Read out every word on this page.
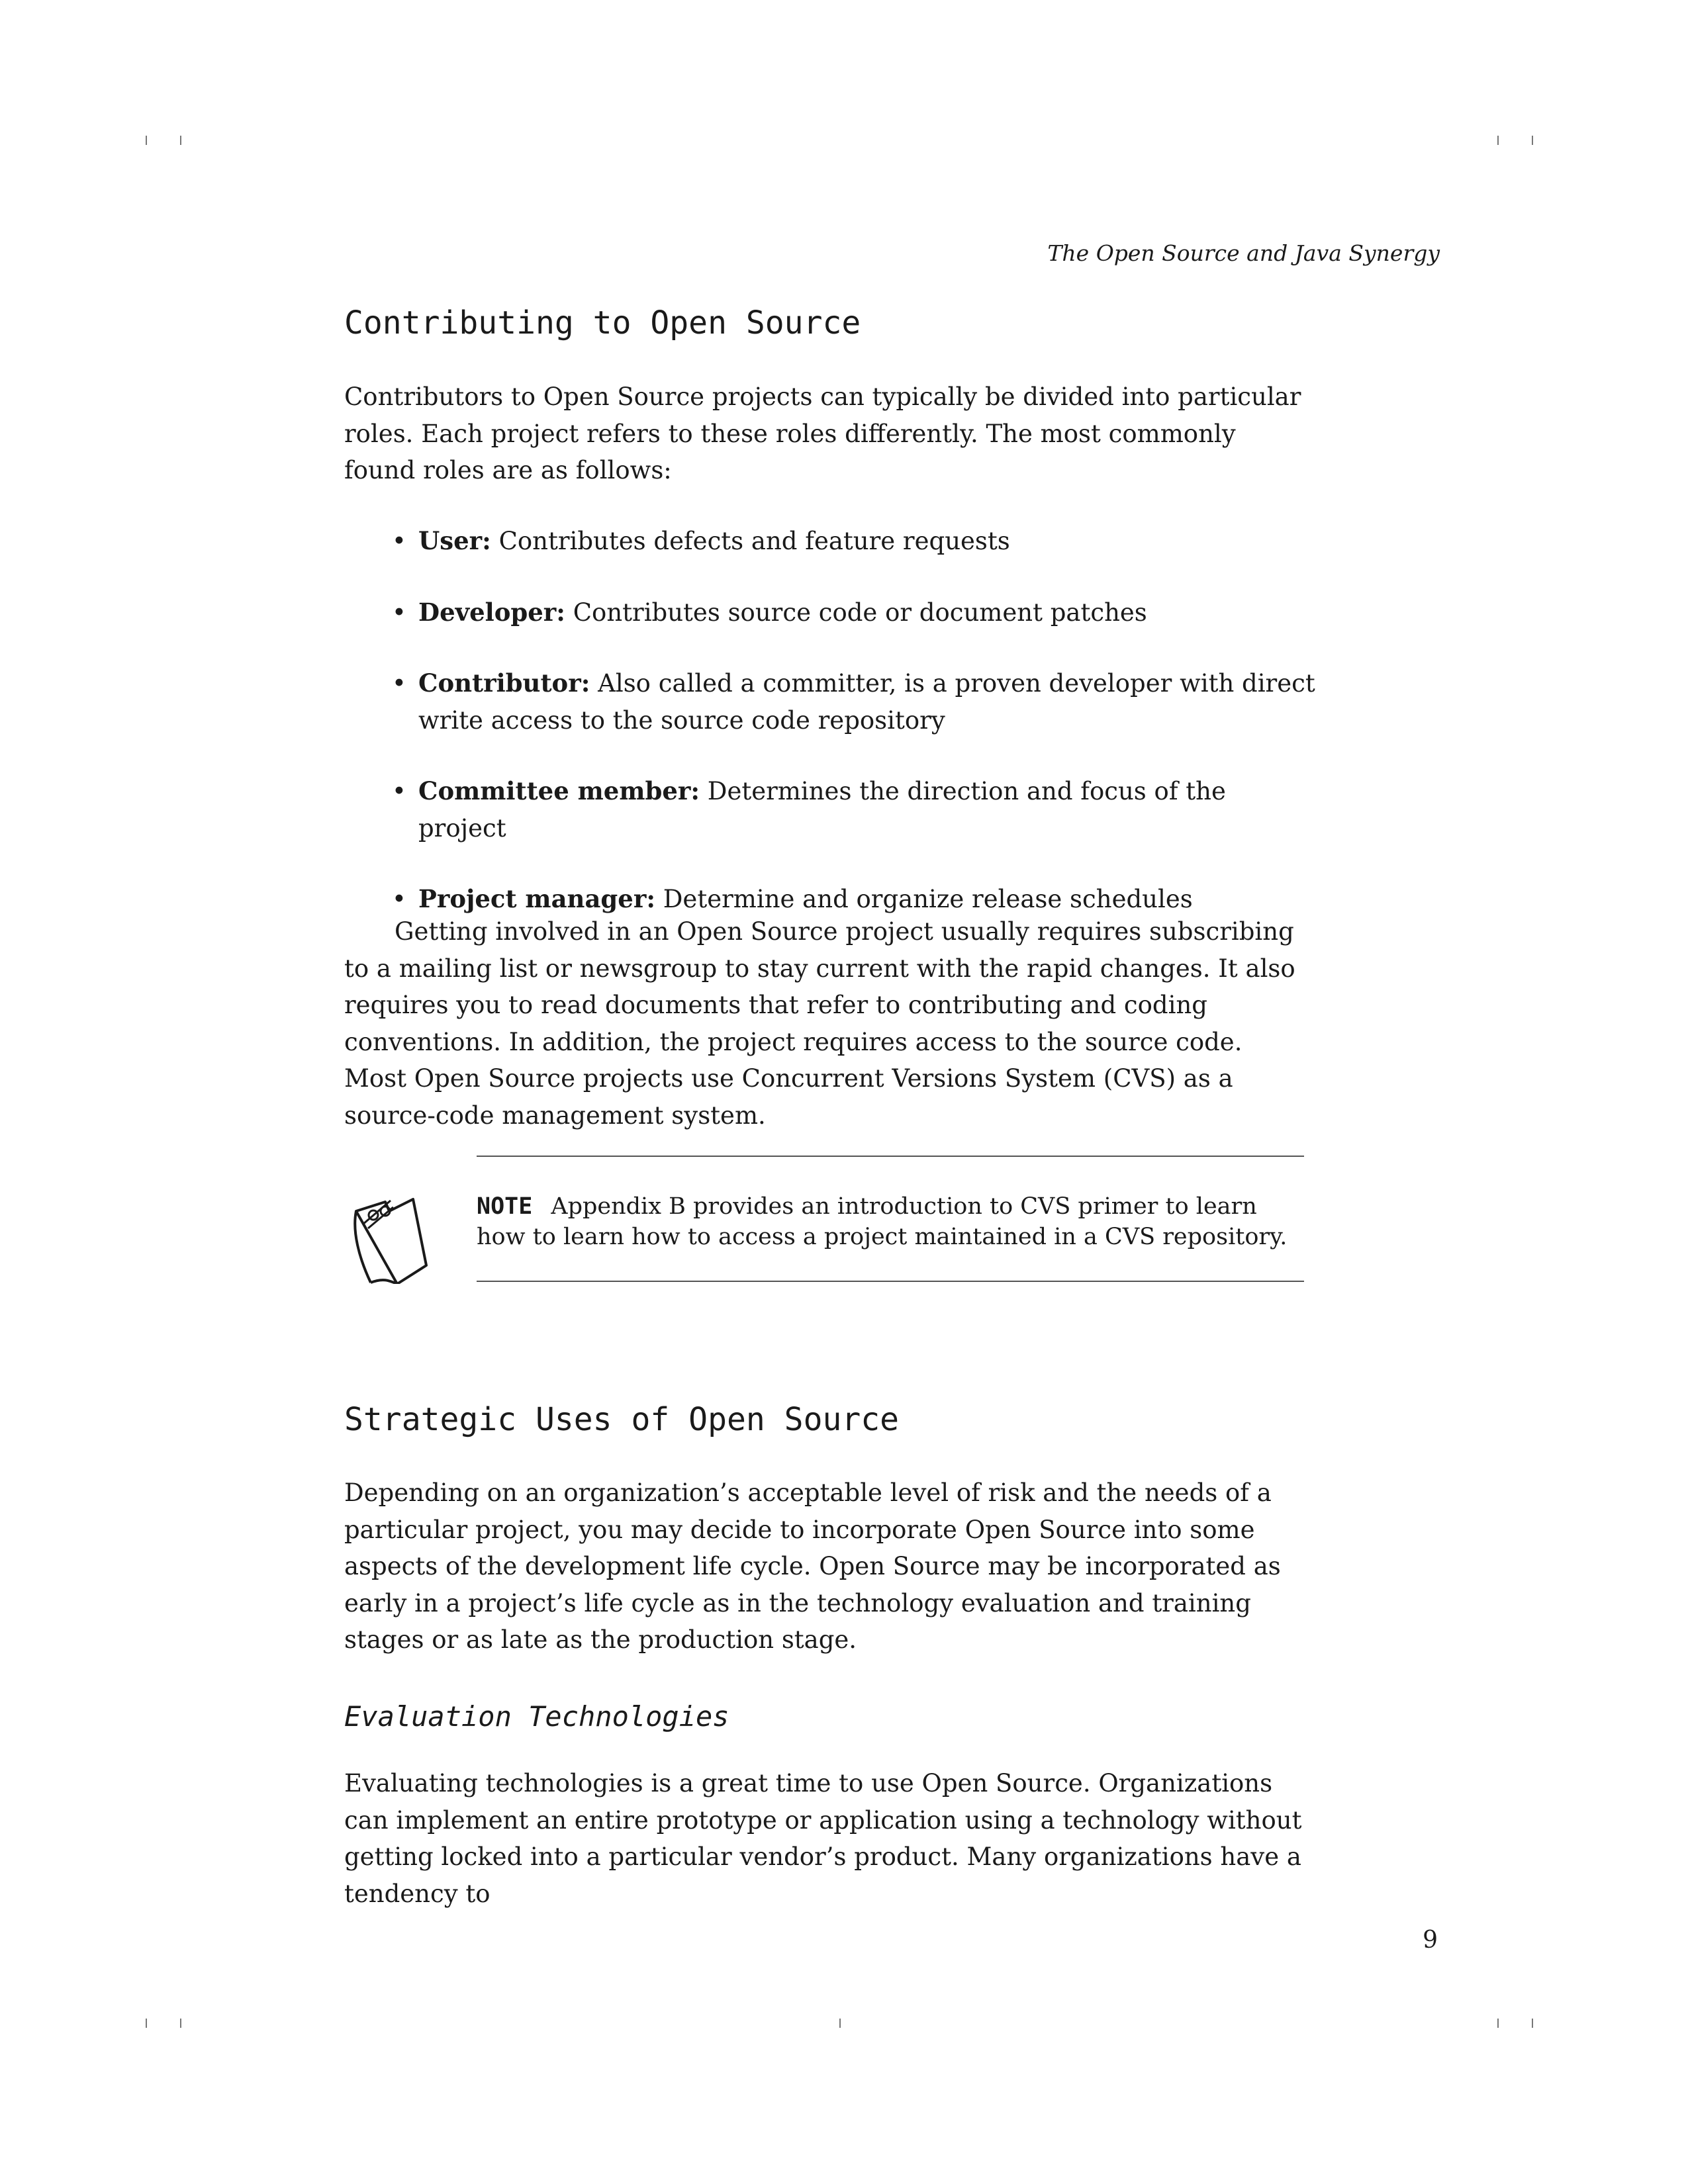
The Open Source and Java Synergy
Contributing to Open Source

Contributors to Open Source projects can typically be divided into particular roles. Each project refers to these roles differently. The most commonly found roles are as follows:

• User: Contributes defects and feature requests
• Developer: Contributes source code or document patches
• Contributor: Also called a committer, is a proven developer with direct write access to the source code repository
• Committee member: Determines the direction and focus of the project
• Project manager: Determine and organize release schedules

Getting involved in an Open Source project usually requires subscribing to a mailing list or newsgroup to stay current with the rapid changes. It also requires you to read documents that refer to contributing and coding conventions. In addition, the project requires access to the source code. Most Open Source projects use Concurrent Versions System (CVS) as a source-code management system.

NOTE Appendix B provides an introduction to CVS primer to learn how to learn how to access a project maintained in a CVS repository.
Strategic Uses of Open Source

Depending on an organization’s acceptable level of risk and the needs of a particular project, you may decide to incorporate Open Source into some aspects of the development life cycle. Open Source may be incorporated as early in a project’s life cycle as in the technology evaluation and training stages or as late as the production stage.

Evaluation Technologies

Evaluating technologies is a great time to use Open Source. Organizations can implement an entire prototype or application using a technology without getting locked into a particular vendor’s product. Many organizations have a tendency to

9
